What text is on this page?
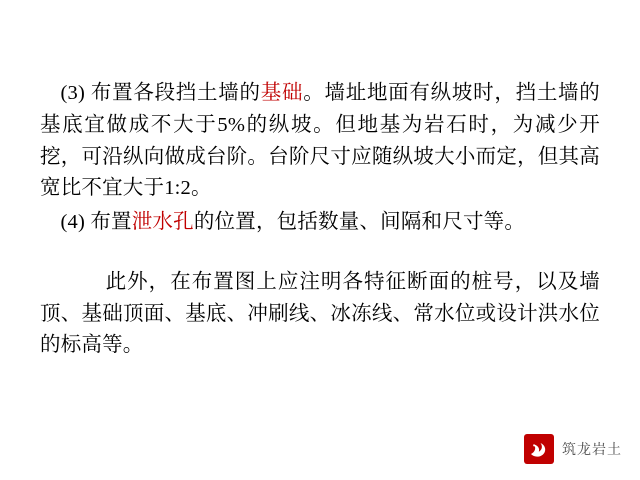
(3) 布置各段挡土墙的基础。墙址地面有纵坡时，挡土墙的基底宜做成不大于5%的纵坡。但地基为岩石时，为减少开挖，可沿纵向做成台阶。台阶尺寸应随纵坡大小而定，但其高宽比不宜大于1:2。
(4) 布置泄水孔的位置，包括数量、间隔和尺寸等。
此外，在布置图上应注明各特征断面的桩号，以及墙顶、基础顶面、基底、冲刷线、冰冻线、常水位或设计洪水位的标高等。
筑龙岩土
